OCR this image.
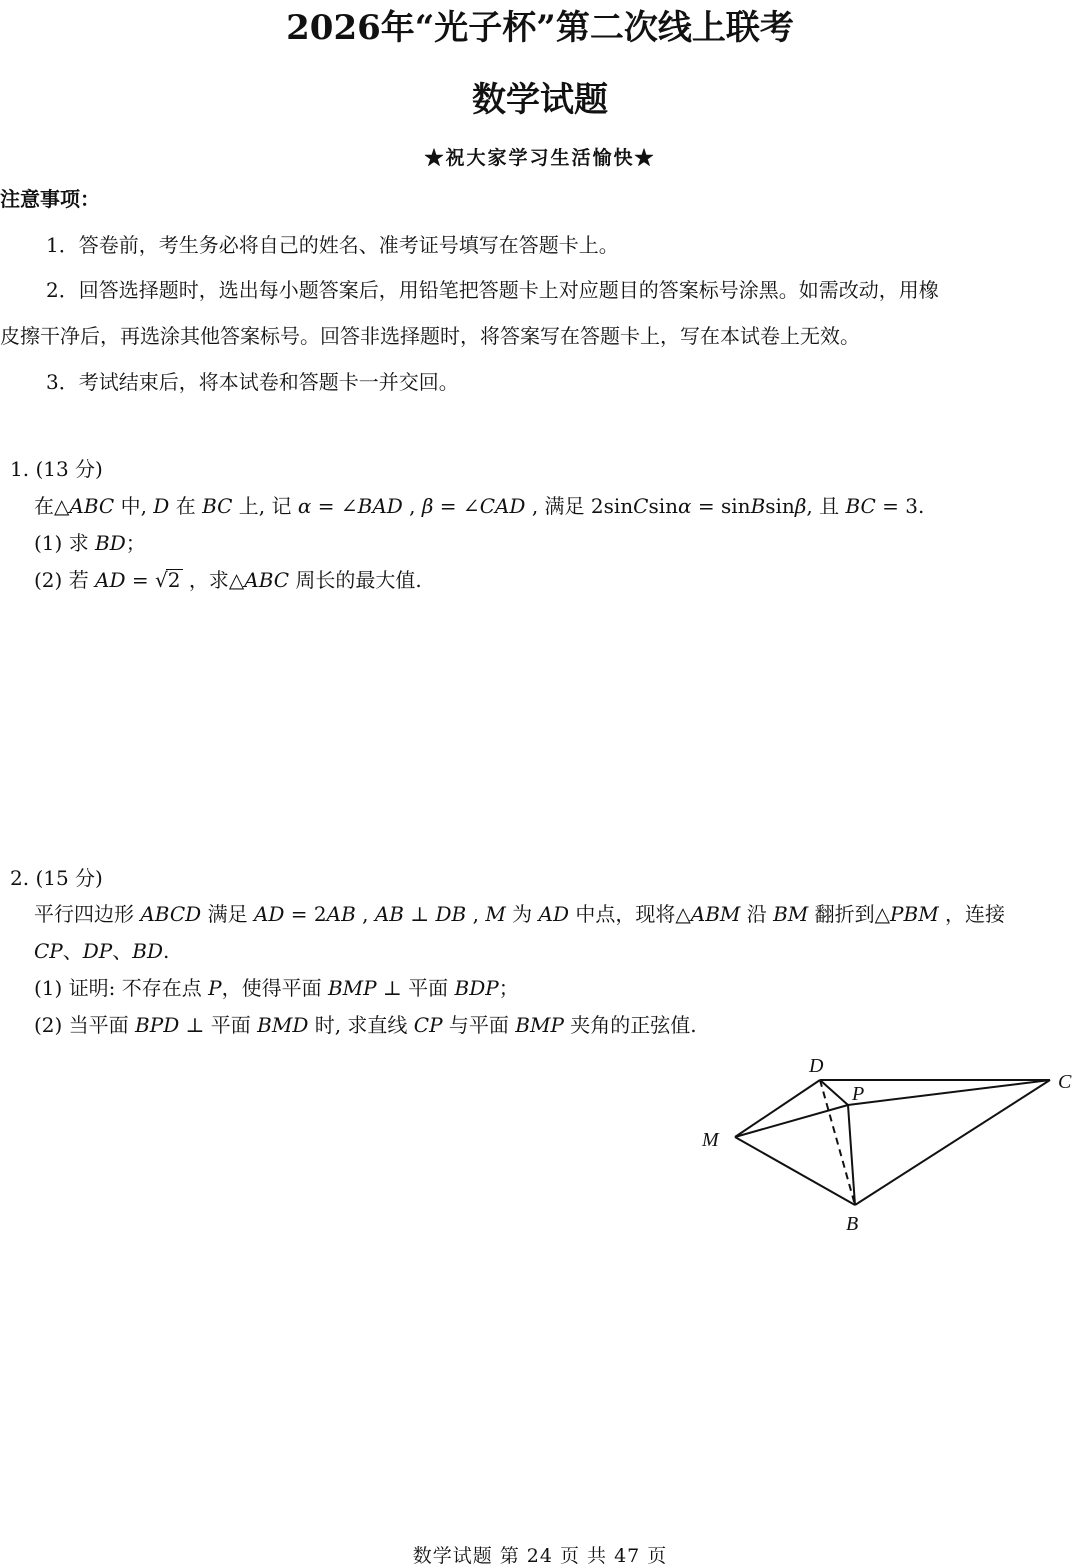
2026年“光子杯”第二次线上联考
数学试题
★祝大家学习生活愉快★
注意事项：
1．答卷前，考生务必将自己的姓名、准考证号填写在答题卡上。
2．回答选择题时，选出每小题答案后，用铅笔把答题卡上对应题目的答案标号涂黑。如需改动，用橡
皮擦干净后，再选涂其他答案标号。回答非选择题时，将答案写在答题卡上，写在本试卷上无效。
3．考试结束后，将本试卷和答题卡一并交回。
1. (13 分)
在△ABC 中, D 在 BC 上, 记 α = ∠BAD , β = ∠CAD , 满足 2sinCsinα = sinBsinβ, 且 BC = 3.
(1) 求 BD；
(2) 若 AD = √2 ，求△ABC 周长的最大值.
2. (15 分)
平行四边形 ABCD 满足 AD = 2AB , AB ⊥ DB , M 为 AD 中点，现将△ABM 沿 BM 翻折到△PBM ，连接
CP、DP、BD.
(1) 证明: 不存在点 P，使得平面 BMP ⊥ 平面 BDP；
(2) 当平面 BPD ⊥ 平面 BMD 时, 求直线 CP 与平面 BMP 夹角的正弦值.
D
P
C
M
B
数学试题 第 24 页 共 47 页
